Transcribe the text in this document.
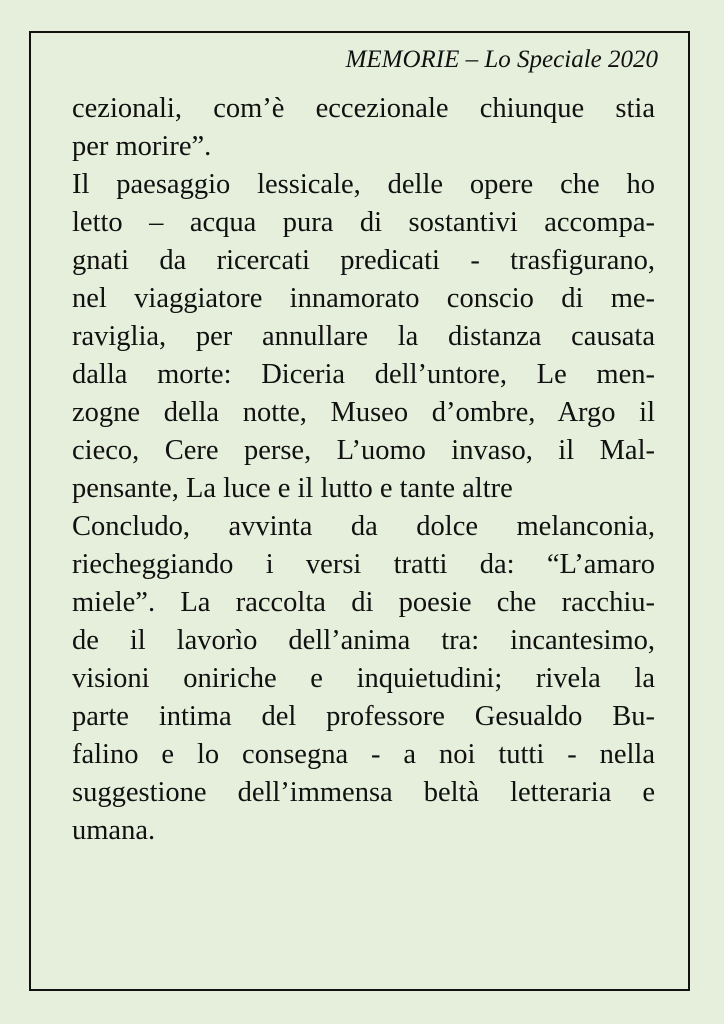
MEMORIE – Lo Speciale 2020
cezionali, com’è eccezionale chiunque stia
per morire”.
Il paesaggio lessicale, delle opere che ho
letto – acqua pura di sostantivi accompa-
gnati da ricercati predicati - trasfigurano,
nel viaggiatore innamorato conscio di me-
raviglia, per annullare la distanza causata
dalla morte: Diceria dell’untore, Le men-
zogne della notte, Museo d’ombre, Argo il
cieco, Cere perse, L’uomo invaso, il Mal-
pensante, La luce e il lutto e tante altre
Concludo, avvinta da dolce melanconia,
riecheggiando i versi tratti da: “L’amaro
miele”. La raccolta di poesie che racchiu-
de il lavorìo dell’anima tra: incantesimo,
visioni oniriche e inquietudini; rivela la
parte intima del professore Gesualdo Bu-
falino e lo consegna - a noi tutti - nella
suggestione dell’immensa beltà letteraria e
umana.
